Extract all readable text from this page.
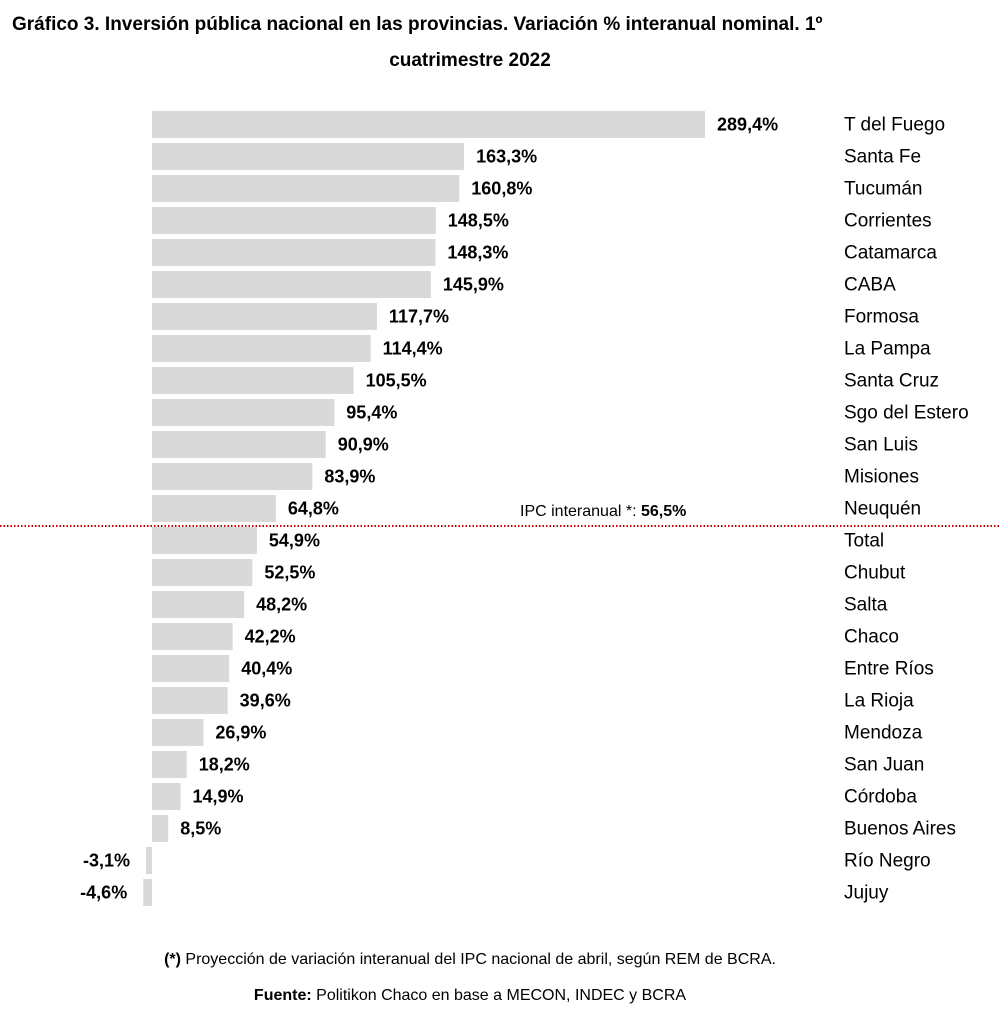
Gráfico 3. Inversión pública nacional en las provincias. Variación % interanual nominal. 1º
cuatrimestre 2022
289,4%	T del Fuego
163,3%	Santa Fe
160,8%	Tucumán
148,5%	Corrientes
148,3%	Catamarca
145,9%	CABA
117,7%	Formosa
114,4%	La Pampa
105,5%	Santa Cruz
95,4%	Sgo del Estero
90,9%	San Luis
83,9%	Misiones
64,8%	Neuquén
54,9%	Total
52,5%	Chubut
48,2%	Salta
42,2%	Chaco
40,4%	Entre Ríos
39,6%	La Rioja
26,9%	Mendoza
18,2%	San Juan
14,9%	Córdoba
8,5%	Buenos Aires
-3,1%	Río Negro
-4,6%	Jujuy
IPC interanual *: 56,5%
(*) Proyección de variación interanual del IPC nacional de abril, según REM de BCRA.
Fuente: Politikon Chaco en base a MECON, INDEC y BCRA
